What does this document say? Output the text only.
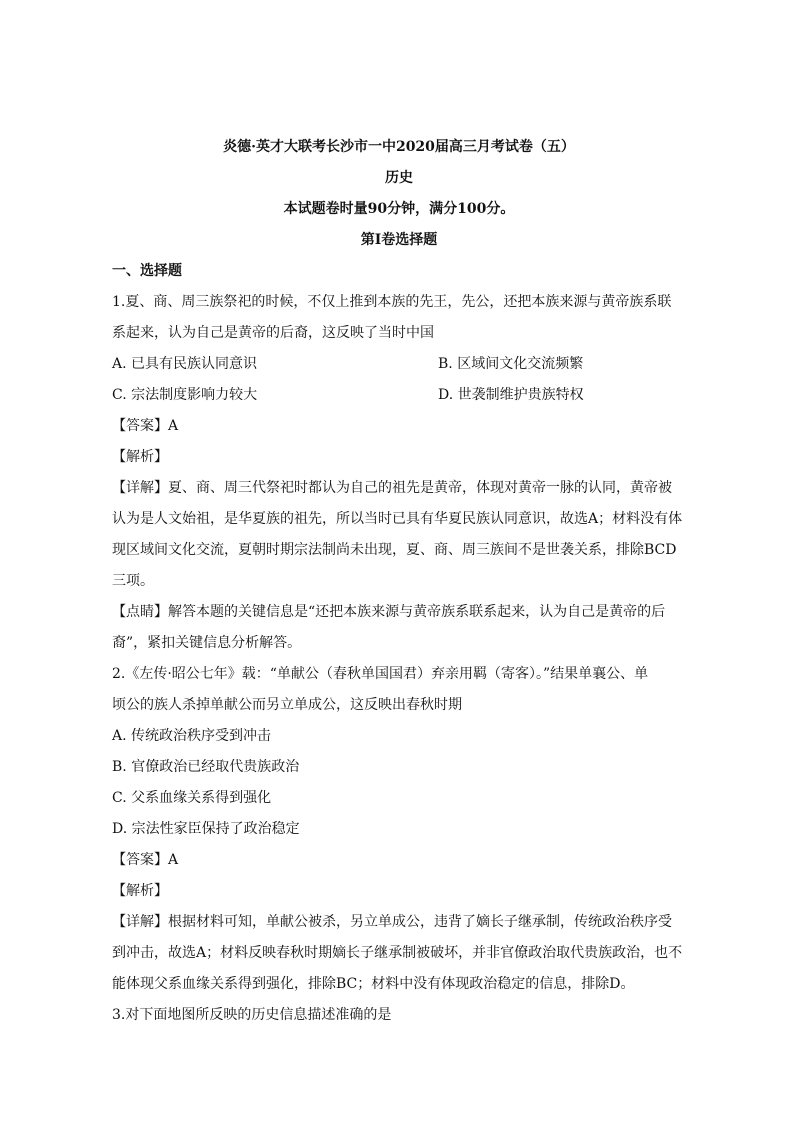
炎德·英才大联考长沙市一中2020届高三月考试卷（五）
历史
本试题卷时量90分钟，满分100分。
第I卷选择题
一、选择题
1.夏、商、周三族祭祀的时候，不仅上推到本族的先王，先公，还把本族来源与黄帝族系联
系起来，认为自己是黄帝的后裔，这反映了当时中国
A. 已具有民族认同意识	B. 区域间文化交流频繁
C. 宗法制度影响力较大	D. 世袭制维护贵族特权
【答案】A
【解析】
【详解】夏、商、周三代祭祀时都认为自己的祖先是黄帝，体现对黄帝一脉的认同，黄帝被
认为是人文始祖，是华夏族的祖先，所以当时已具有华夏民族认同意识，故选A；材料没有体
现区域间文化交流，夏朝时期宗法制尚未出现，夏、商、周三族间不是世袭关系，排除BCD
三项。
【点睛】解答本题的关键信息是“还把本族来源与黄帝族系联系起来，认为自己是黄帝的后
裔”，紧扣关键信息分析解答。
2.《左传·昭公七年》载：“单献公（春秋单国国君）弃亲用羁（寄客）。”结果单襄公、单
顷公的族人杀掉单献公而另立单成公，这反映出春秋时期
A. 传统政治秩序受到冲击
B. 官僚政治已经取代贵族政治
C. 父系血缘关系得到强化
D. 宗法性家臣保持了政治稳定
【答案】A
【解析】
【详解】根据材料可知，单献公被杀，另立单成公，违背了嫡长子继承制，传统政治秩序受
到冲击，故选A；材料反映春秋时期嫡长子继承制被破坏，并非官僚政治取代贵族政治，也不
能体现父系血缘关系得到强化，排除BC；材料中没有体现政治稳定的信息，排除D。
3.对下面地图所反映的历史信息描述准确的是
